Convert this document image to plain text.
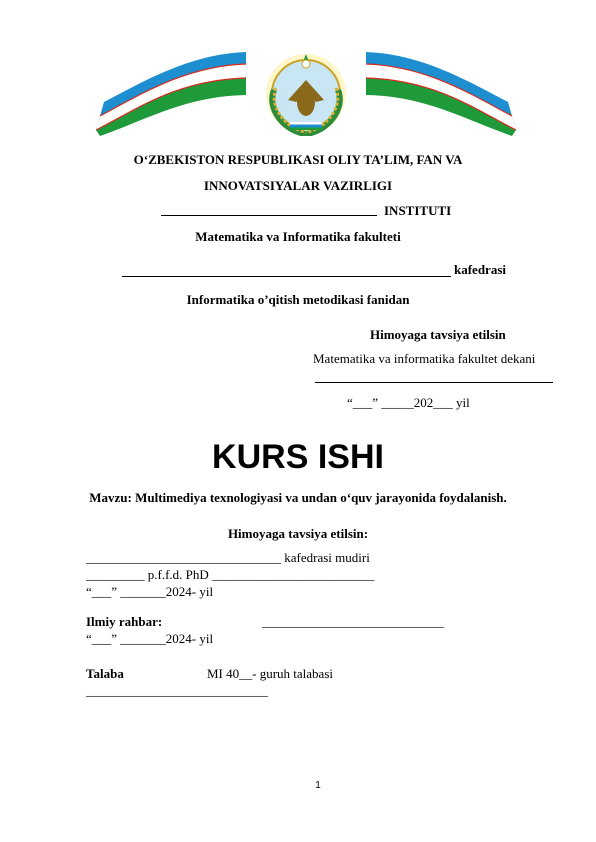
O‘ZBEKISTON RESPUBLIKASI OLIY TA’LIM, FAN VA
INNOVATSIYALAR VAZIRLIGI
INSTITUTI
Matematika va Informatika fakulteti
kafedrasi
Informatika o’qitish metodikasi fanidan
Himoyaga tavsiya etilsin
Matematika va informatika fakultet dekani
“___” _____202___ yil
KURS ISHI
Mavzu: Multimediya texnologiyasi va undan o‘quv jarayonida foydalanish.
Himoyaga tavsiya etilsin:
______________________________ kafedrasi mudiri
_________ p.f.f.d. PhD _________________________
“___” _______2024- yil
Ilmiy rahbar:	____________________________
“___” _______2024- yil
Talaba	MI 40__- guruh talabasi
____________________________
1
